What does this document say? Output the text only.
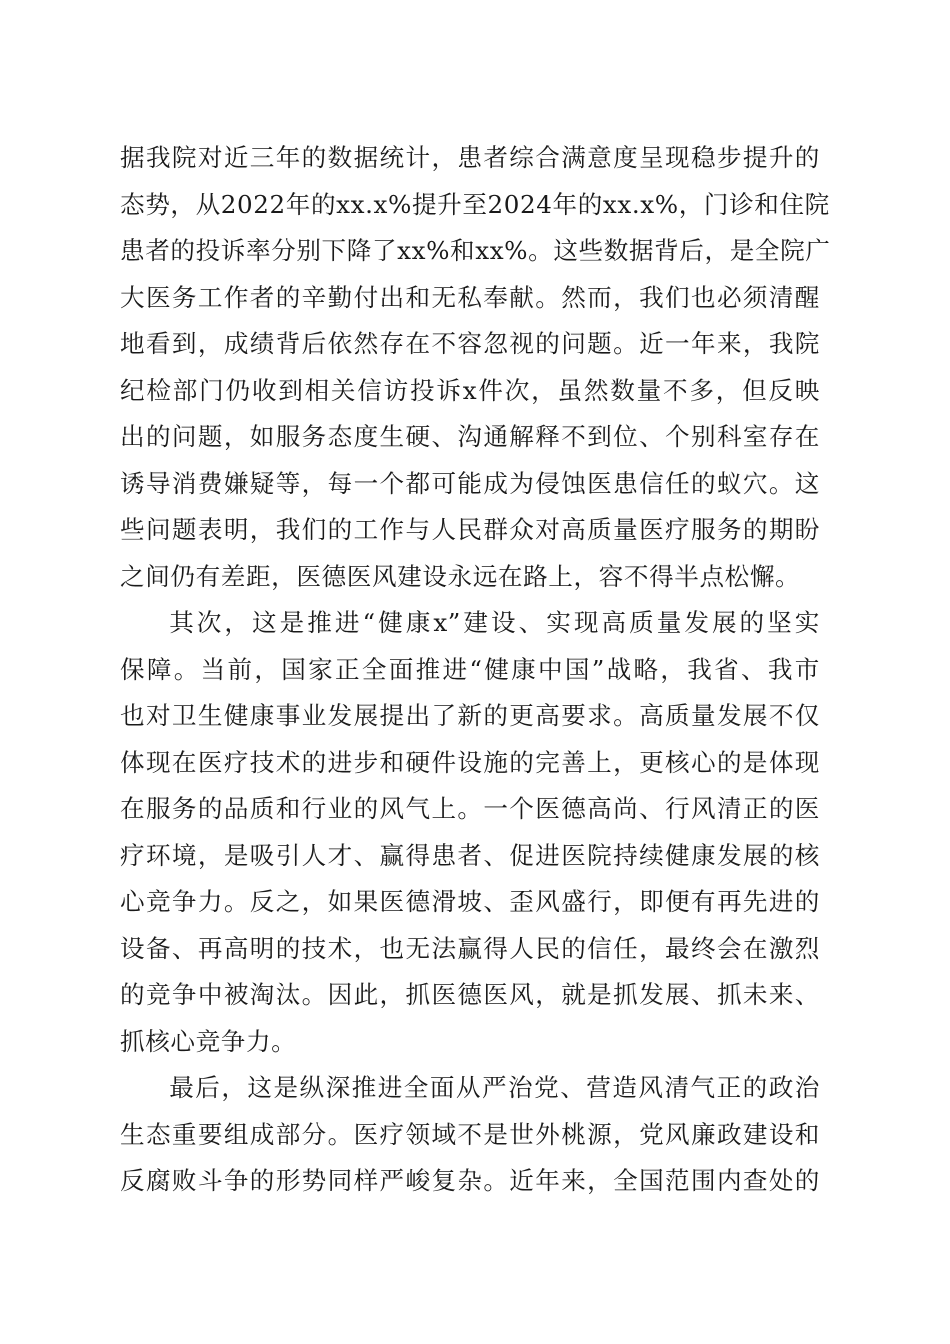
据我院对近三年的数据统计，患者综合满意度呈现稳步提升的
态势，从2022年的xx.x%提升至2024年的xx.x%，门诊和住院
患者的投诉率分别下降了xx%和xx%。这些数据背后，是全院广
大医务工作者的辛勤付出和无私奉献。然而，我们也必须清醒
地看到，成绩背后依然存在不容忽视的问题。近一年来，我院
纪检部门仍收到相关信访投诉x件次，虽然数量不多，但反映
出的问题，如服务态度生硬、沟通解释不到位、个别科室存在
诱导消费嫌疑等，每一个都可能成为侵蚀医患信任的蚁穴。这
些问题表明，我们的工作与人民群众对高质量医疗服务的期盼
之间仍有差距，医德医风建设永远在路上，容不得半点松懈。
其次，这是推进“健康x”建设、实现高质量发展的坚实
保障。当前，国家正全面推进“健康中国”战略，我省、我市
也对卫生健康事业发展提出了新的更高要求。高质量发展不仅
体现在医疗技术的进步和硬件设施的完善上，更核心的是体现
在服务的品质和行业的风气上。一个医德高尚、行风清正的医
疗环境，是吸引人才、赢得患者、促进医院持续健康发展的核
心竞争力。反之，如果医德滑坡、歪风盛行，即便有再先进的
设备、再高明的技术，也无法赢得人民的信任，最终会在激烈
的竞争中被淘汰。因此，抓医德医风，就是抓发展、抓未来、
抓核心竞争力。
最后，这是纵深推进全面从严治党、营造风清气正的政治
生态重要组成部分。医疗领域不是世外桃源，党风廉政建设和
反腐败斗争的形势同样严峻复杂。近年来，全国范围内查处的
